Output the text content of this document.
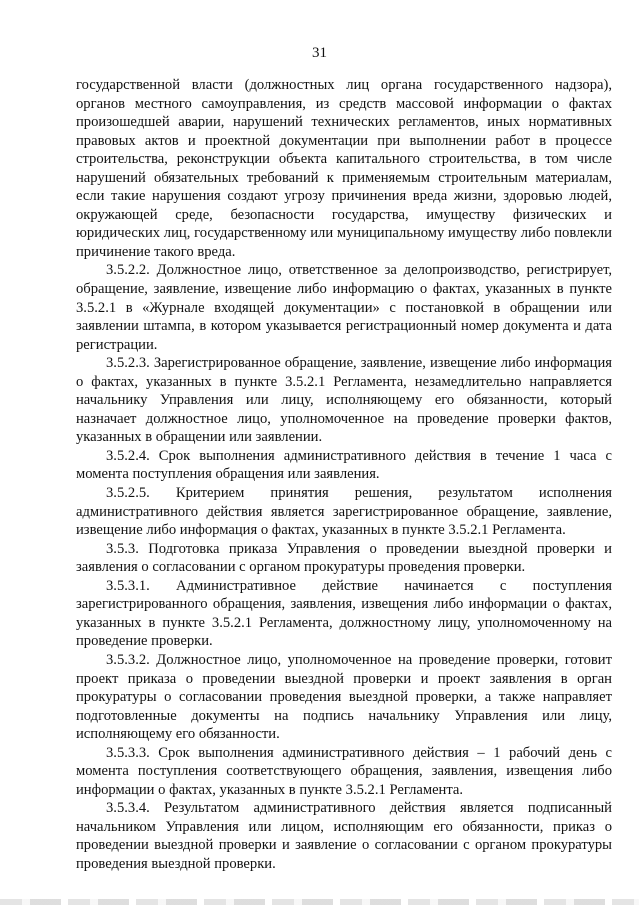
31

государственной власти (должностных лиц органа государственного надзора), органов местного самоуправления, из средств массовой информации о фактах произошедшей аварии, нарушений технических регламентов, иных нормативных правовых актов и проектной документации при выполнении работ в процессе строительства, реконструкции объекта капитального строительства, в том числе нарушений обязательных требований к применяемым строительным материалам, если такие нарушения создают угрозу причинения вреда жизни, здоровью людей, окружающей среде, безопасности государства, имуществу физических и юридических лиц, государственному или муниципальному имуществу либо повлекли причинение такого вреда.

3.5.2.2. Должностное лицо, ответственное за делопроизводство, регистрирует, обращение, заявление, извещение либо информацию о фактах, указанных в пункте 3.5.2.1 в «Журнале входящей документации» с постановкой в обращении или заявлении штампа, в котором указывается регистрационный номер документа и дата регистрации.

3.5.2.3. Зарегистрированное обращение, заявление, извещение либо информация о фактах, указанных в пункте 3.5.2.1 Регламента, незамедлительно направляется начальнику Управления или лицу, исполняющему его обязанности, который назначает должностное лицо, уполномоченное на проведение проверки фактов, указанных в обращении или заявлении.

3.5.2.4. Срок выполнения административного действия в течение 1 часа с момента поступления обращения или заявления.

3.5.2.5. Критерием принятия решения, результатом исполнения административного действия является зарегистрированное обращение, заявление, извещение либо информация о фактах, указанных в пункте 3.5.2.1 Регламента.

3.5.3. Подготовка приказа Управления о проведении выездной проверки и заявления о согласовании с органом прокуратуры проведения проверки.

3.5.3.1. Административное действие начинается с поступления зарегистрированного обращения, заявления, извещения либо информации о фактах, указанных в пункте 3.5.2.1 Регламента, должностному лицу, уполномоченному на проведение проверки.

3.5.3.2. Должностное лицо, уполномоченное на проведение проверки, готовит проект приказа о проведении выездной проверки и проект заявления в орган прокуратуры о согласовании проведения выездной проверки, а также направляет подготовленные документы на подпись начальнику Управления или лицу, исполняющему его обязанности.

3.5.3.3. Срок выполнения административного действия – 1 рабочий день с момента поступления соответствующего обращения, заявления, извещения либо информации о фактах, указанных в пункте 3.5.2.1 Регламента.

3.5.3.4. Результатом административного действия является подписанный начальником Управления или лицом, исполняющим его обязанности, приказ о проведении выездной проверки и заявление о согласовании с органом прокуратуры проведения выездной проверки.
